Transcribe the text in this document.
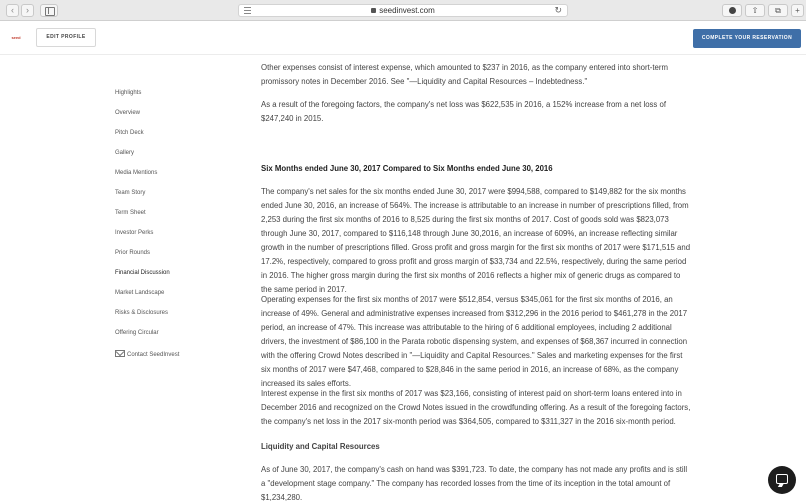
‹	›	seedinvest.com	↻	⇧	⧉	+
seed	EDIT PROFILE	COMPLETE YOUR RESERVATION
Highlights
Overview
Pitch Deck
Gallery
Media Mentions
Team Story
Term Sheet
Investor Perks
Prior Rounds
Financial Discussion
Market Landscape
Risks & Disclosures
Offering Circular
Contact SeedInvest

Other expenses consist of interest expense, which amounted to $237 in 2016, as the company entered into short-term promissory notes in December 2016. See "—Liquidity and Capital Resources – Indebtedness."

As a result of the foregoing factors, the company's net loss was $622,535 in 2016, a 152% increase from a net loss of $247,240 in 2015.

Six Months ended June 30, 2017 Compared to Six Months ended June 30, 2016

The company's net sales for the six months ended June 30, 2017 were $994,588, compared to $149,882 for the six months ended June 30, 2016, an increase of 564%. The increase is attributable to an increase in number of prescriptions filled, from 2,253 during the first six months of 2016 to 8,525 during the first six months of 2017. Cost of goods sold was $823,073 through June 30, 2017, compared to $116,148 through June 30,2016, an increase of 609%, an increase reflecting similar growth in the number of prescriptions filled. Gross profit and gross margin for the first six months of 2017 were $171,515 and 17.2%, respectively, compared to gross profit and gross margin of $33,734 and 22.5%, respectively, during the same period in 2016. The higher gross margin during the first six months of 2016 reflects a higher mix of generic drugs as compared to the same period in 2017.

Operating expenses for the first six months of 2017 were $512,854, versus $345,061 for the first six months of 2016, an increase of 49%. General and administrative expenses increased from $312,296 in the 2016 period to $461,278 in the 2017 period, an increase of 47%. This increase was attributable to the hiring of 6 additional employees, including 2 additional drivers, the investment of $86,100 in the Parata robotic dispensing system, and expenses of $68,367 incurred in connection with the offering Crowd Notes described in "—Liquidity and Capital Resources." Sales and marketing expenses for the first six months of 2017 were $47,468, compared to $28,846 in the same period in 2016, an increase of 68%, as the company increased its sales efforts.

Interest expense in the first six months of 2017 was $23,166, consisting of interest paid on short-term loans entered into in December 2016 and recognized on the Crowd Notes issued in the crowdfunding offering. As a result of the foregoing factors, the company's net loss in the 2017 six-month period was $364,505, compared to $311,327 in the 2016 six-month period.

Liquidity and Capital Resources

As of June 30, 2017, the company's cash on hand was $391,723. To date, the company has not made any profits and is still a "development stage company." The company has recorded losses from the time of its inception in the total amount of $1,234,280.
